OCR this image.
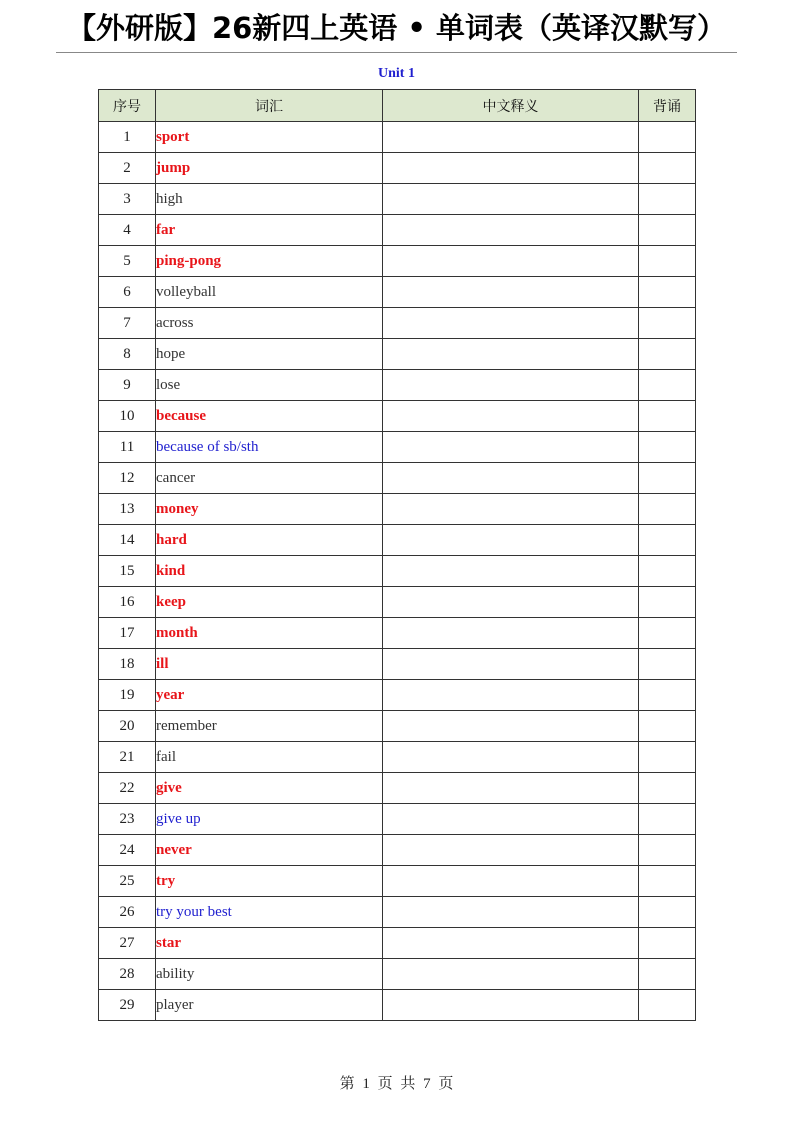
【外研版】26新四上英语 • 单词表（英译汉默写）
Unit 1
序号	词汇	中文释义	背诵
1	sport		
2	jump		
3	high		
4	far		
5	ping-pong		
6	volleyball		
7	across		
8	hope		
9	lose		
10	because		
11	because of sb/sth		
12	cancer		
13	money		
14	hard		
15	kind		
16	keep		
17	month		
18	ill		
19	year		
20	remember		
21	fail		
22	give		
23	give up		
24	never		
25	try		
26	try your best		
27	star		
28	ability		
29	player		
第 1 页 共 7 页
